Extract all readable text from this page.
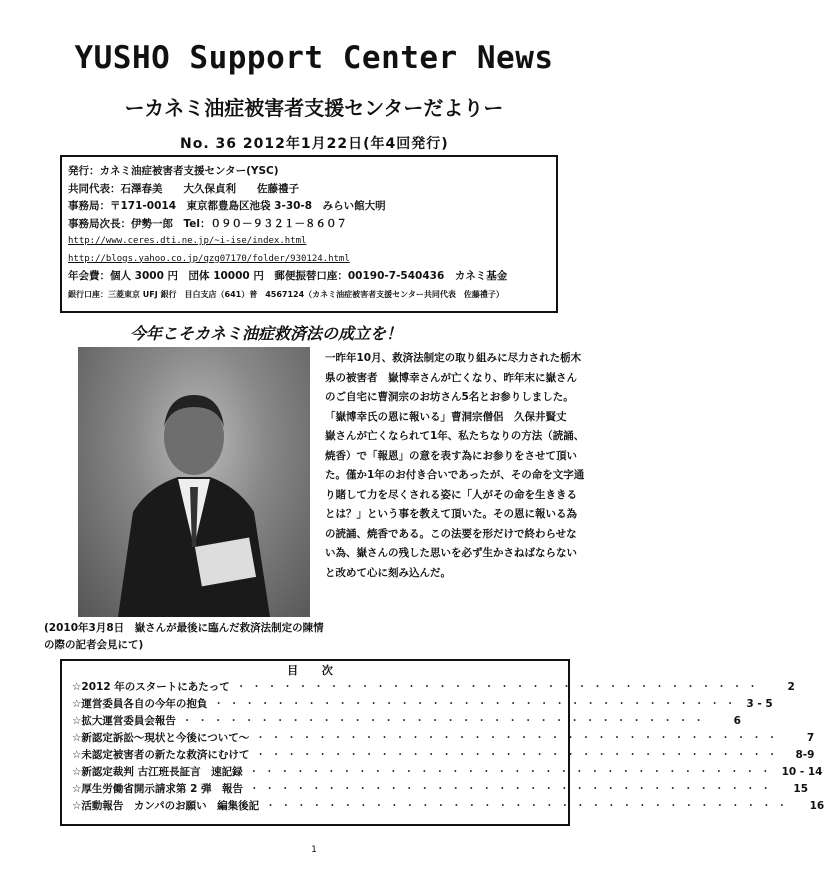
YUSHO Support Center News
ーカネミ油症被害者支援センターだよりー
No. 36 2012年1月22日(年4回発行)
発行：カネミ油症被害者支援センター(YSC)
共同代表：石澤春美　　大久保貞利　　佐藤禮子
事務局：〒171-0014　東京都豊島区池袋 3-30-8　みらい館大明
事務局次長：伊勢一郎　Tel：０９０－９３２１－８６０７
http://www.ceres.dti.ne.jp/~i-ise/index.html
http://blogs.yahoo.co.jp/qzg07170/folder/930124.html
年会費：個人 3000 円　団体 10000 円　郵便振替口座：00190-7-540436　カネミ基金
銀行口座：三菱東京 UFJ 銀行　目白支店（641）普　4567124（カネミ油症被害者支援センター共同代表　佐藤禮子）
今年こそカネミ油症救済法の成立を！
(2010年3月8日　嶽さんが最後に臨んだ救済法制定の陳情の際の記者会見にて)
一昨年10月、救済法制定の取り組みに尽力された栃木県の被害者　嶽博幸さんが亡くなり、昨年末に嶽さんのご自宅に曹洞宗のお坊さん5名とお参りしました。
「嶽博幸氏の恩に報いる」曹洞宗僧侶　久保井賢丈　嶽さんが亡くなられて1年、私たちなりの方法（読誦、焼香）で「報恩」の意を表す為にお参りをさせて頂いた。僅か1年のお付き合いであったが、その命を文字通り賭して力を尽くされる姿に「人がその命を生ききるとは？」という事を教えて頂いた。その恩に報いる為の読誦、焼香である。この法要を形だけで終わらせない為、嶽さんの残した思いを必ず生かさねばならないと改めて心に刻み込んだ。
目 次
☆ 2012 年のスタートにあたって ・・・・・・・・・・・・・・・・・・・・・・・・・・・・・・・・・・	2
☆ 運営委員各自の今年の抱負 ・・・・・・・・・・・・・・・・・・・・・・・・・・・・・・・・・・ 3 - 5
☆ 拡大運営委員会報告 ・・・・・・・・・・・・・・・・・・・・・・・・・・・・・・・・・・	6
☆ 新認定訴訟～現状と今後について～ ・・・・・・・・・・・・・・・・・・・・・・・・・・・・・・・・・・	7
☆ 未認定被害者の新たな救済にむけて ・・・・・・・・・・・・・・・・・・・・・・・・・・・・・・・・・・	8-9
☆ 新認定裁判 古江班長証言　速記録 ・・・・・・・・・・・・・・・・・・・・・・・・・・・・・・・・・・ 10 - 14
☆ 厚生労働省開示請求第 2 弾　報告 ・・・・・・・・・・・・・・・・・・・・・・・・・・・・・・・・・・	15
☆ 活動報告　カンパのお願い　編集後記 ・・・・・・・・・・・・・・・・・・・・・・・・・・・・・・・・・・	16
1
